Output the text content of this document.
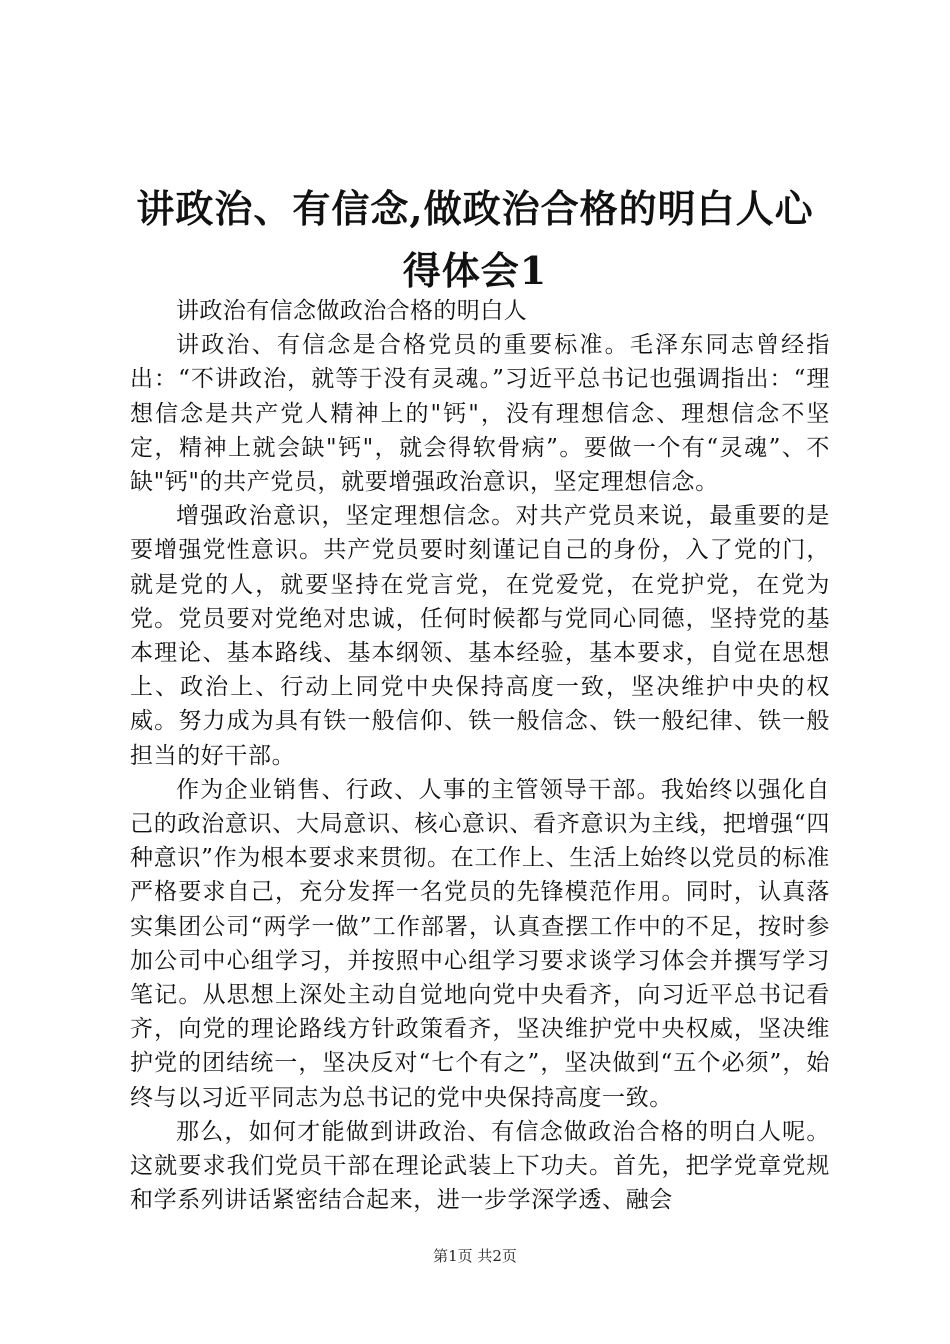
讲政治、有信念,做政治合格的明白人心得体会1

讲政治有信念做政治合格的明白人

讲政治、有信念是合格党员的重要标准。毛泽东同志曾经指出：“不讲政治，就等于没有灵魂。”习近平总书记也强调指出：“理想信念是共产党人精神上的"钙"，没有理想信念、理想信念不坚定，精神上就会缺"钙"，就会得软骨病”。要做一个有“灵魂”、不缺"钙"的共产党员，就要增强政治意识，坚定理想信念。

增强政治意识，坚定理想信念。对共产党员来说，最重要的是要增强党性意识。共产党员要时刻谨记自己的身份，入了党的门，就是党的人，就要坚持在党言党，在党爱党，在党护党，在党为党。党员要对党绝对忠诚，任何时候都与党同心同德，坚持党的基本理论、基本路线、基本纲领、基本经验，基本要求，自觉在思想上、政治上、行动上同党中央保持高度一致，坚决维护中央的权威。努力成为具有铁一般信仰、铁一般信念、铁一般纪律、铁一般担当的好干部。

作为企业销售、行政、人事的主管领导干部。我始终以强化自己的政治意识、大局意识、核心意识、看齐意识为主线，把增强“四种意识”作为根本要求来贯彻。在工作上、生活上始终以党员的标准严格要求自己，充分发挥一名党员的先锋模范作用。同时，认真落实集团公司“两学一做”工作部署，认真查摆工作中的不足，按时参加公司中心组学习，并按照中心组学习要求谈学习体会并撰写学习笔记。从思想上深处主动自觉地向党中央看齐，向习近平总书记看齐，向党的理论路线方针政策看齐，坚决维护党中央权威，坚决维护党的团结统一，坚决反对“七个有之”，坚决做到“五个必须”，始终与以习近平同志为总书记的党中央保持高度一致。

那么，如何才能做到讲政治、有信念做政治合格的明白人呢。这就要求我们党员干部在理论武装上下功夫。首先，把学党章党规和学系列讲话紧密结合起来，进一步学深学透、融会

第1页 共2页
